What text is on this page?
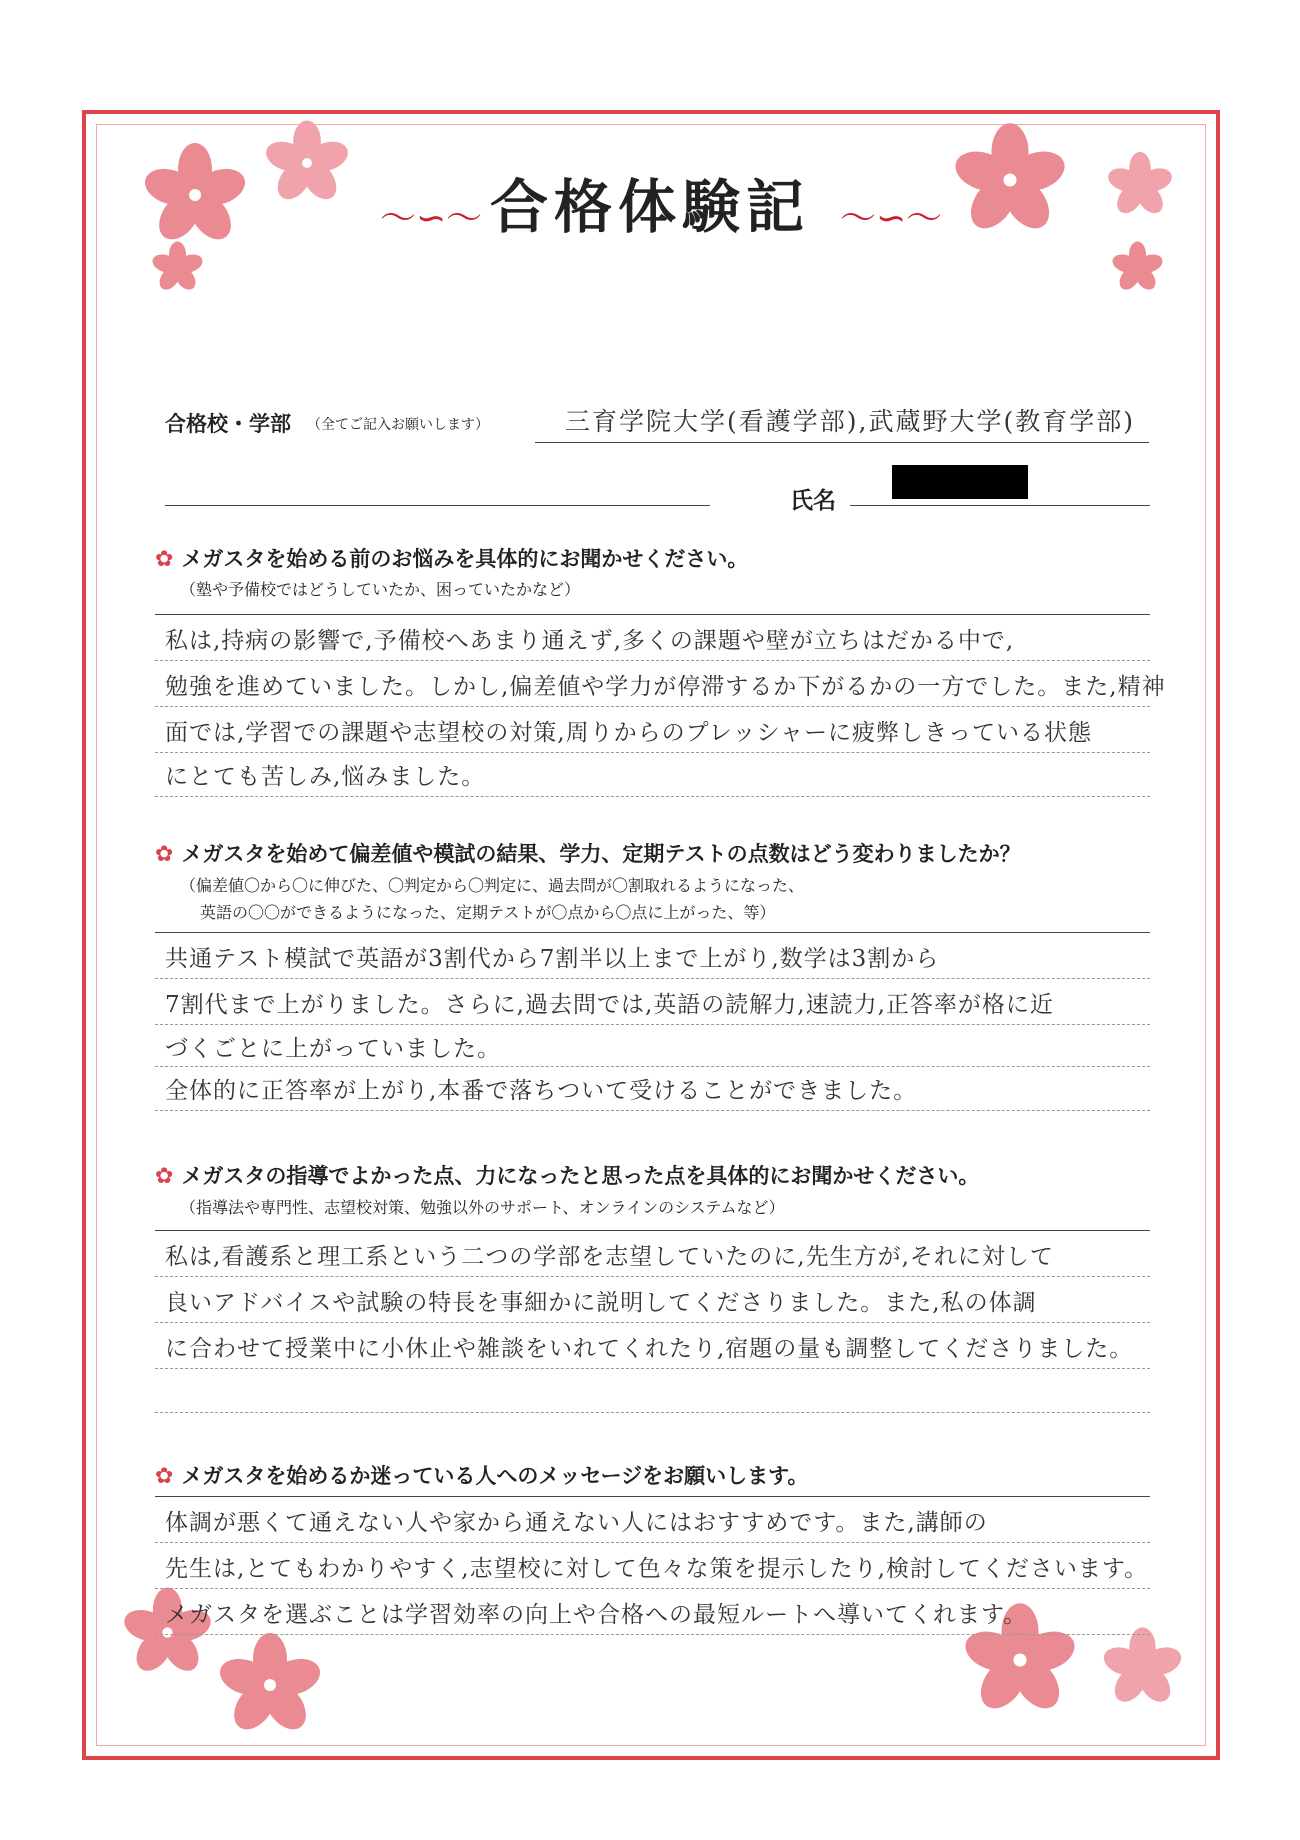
〜∽〜 合格体験記 〜∽〜
合格校・学部 （全てご記入お願いします）	三育学院大学(看護学部),武蔵野大学(教育学部)
氏名
✿ メガスタを始める前のお悩みを具体的にお聞かせください。
（塾や予備校ではどうしていたか、困っていたかなど）
私は,持病の影響で,予備校へあまり通えず,多くの課題や壁が立ちはだかる中で,
勉強を進めていました。しかし,偏差値や学力が停滞するか下がるかの一方でした。また,精神
面では,学習での課題や志望校の対策,周りからのプレッシャーに疲弊しきっている状態
にとても苦しみ,悩みました。
✿ メガスタを始めて偏差値や模試の結果、学力、定期テストの点数はどう変わりましたか？
（偏差値〇から〇に伸びた、〇判定から〇判定に、過去問が〇割取れるようになった、
英語の〇〇ができるようになった、定期テストが〇点から〇点に上がった、等）
共通テスト模試で英語が3割代から7割半以上まで上がり,数学は3割から
7割代まで上がりました。さらに,過去問では,英語の読解力,速読力,正答率が格に近
づくごとに上がっていました。
全体的に正答率が上がり,本番で落ちついて受けることができました。
✿ メガスタの指導でよかった点、力になったと思った点を具体的にお聞かせください。
（指導法や専門性、志望校対策、勉強以外のサポート、オンラインのシステムなど）
私は,看護系と理工系という二つの学部を志望していたのに,先生方が,それに対して
良いアドバイスや試験の特長を事細かに説明してくださりました。また,私の体調
に合わせて授業中に小休止や雑談をいれてくれたり,宿題の量も調整してくださりました。
✿ メガスタを始めるか迷っている人へのメッセージをお願いします。
体調が悪くて通えない人や家から通えない人にはおすすめです。また,講師の
先生は,とてもわかりやすく,志望校に対して色々な策を提示したり,検討してくださいます。
メガスタを選ぶことは学習効率の向上や合格への最短ルートへ導いてくれます。
